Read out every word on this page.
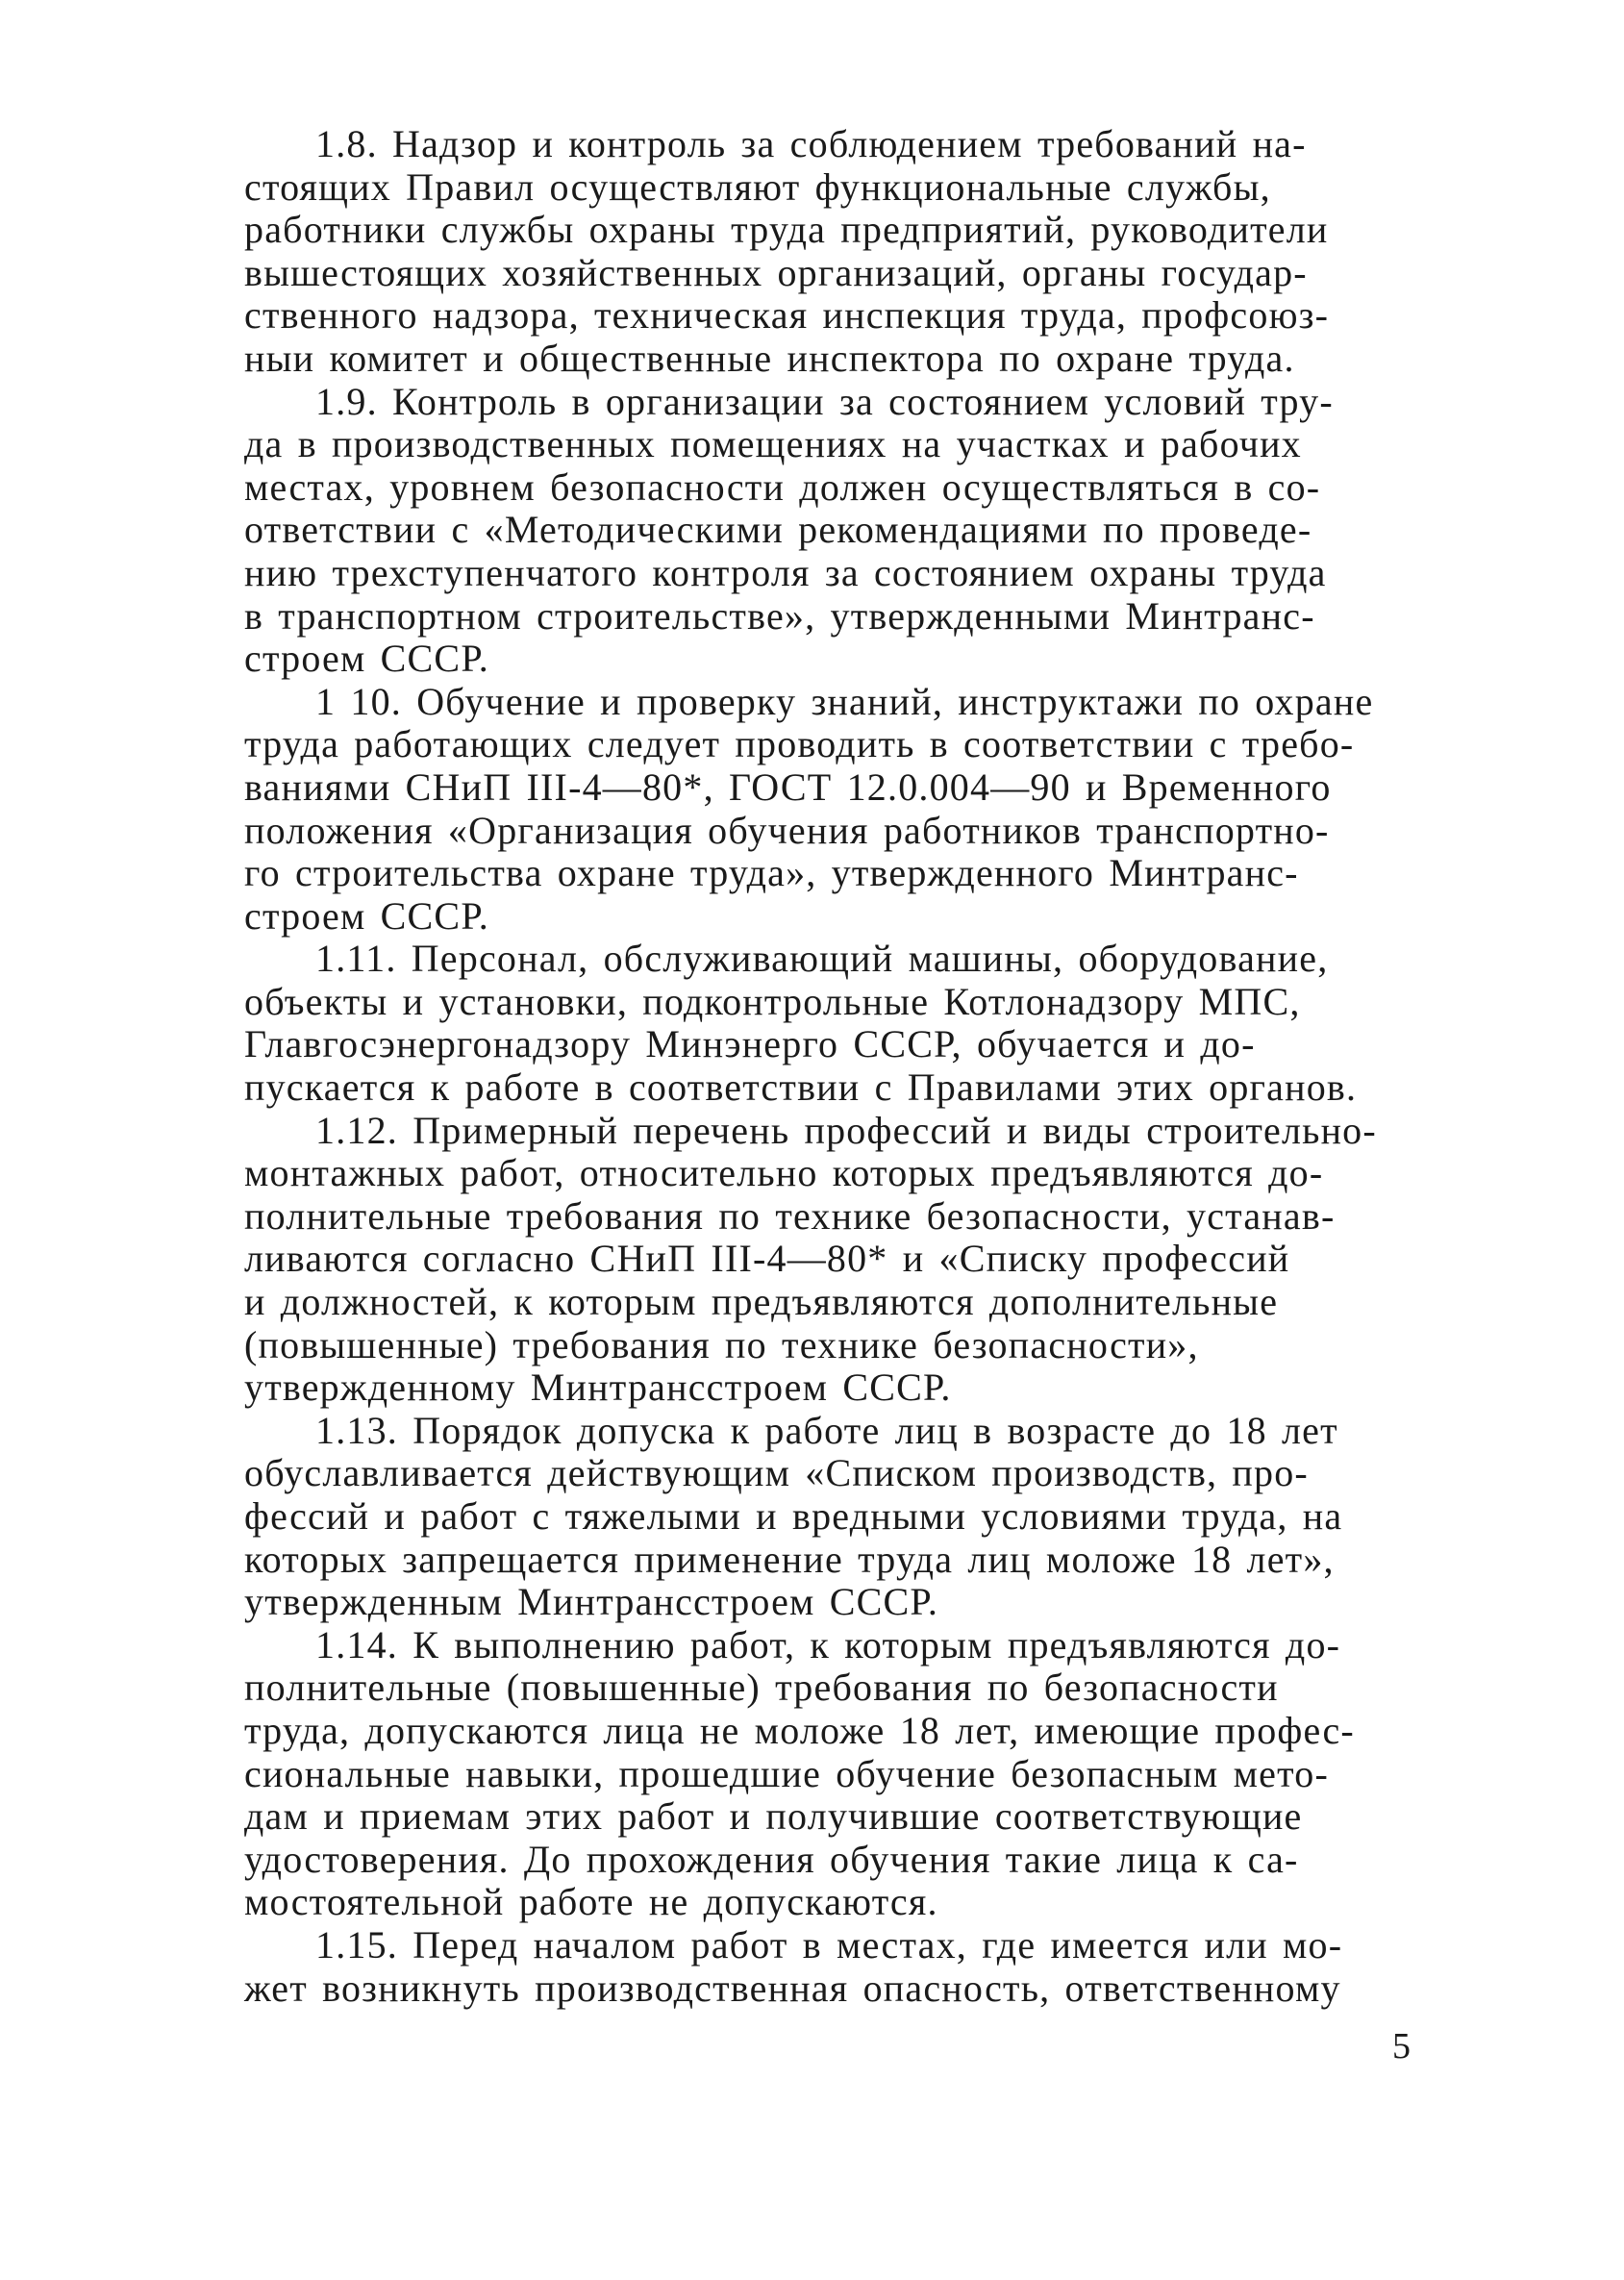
1.8. Надзор и контроль за соблюдением требований на-
стоящих Правил осуществляют функциональные службы,
работники службы охраны труда предприятий, руководители
вышестоящих хозяйственных организаций, органы государ-
ственного надзора, техническая инспекция труда, профсоюз-
ныи комитет и общественные инспектора по охране труда.

1.9. Контроль в организации за состоянием условий тру-
да в производственных помещениях на участках и рабочих
местах, уровнем безопасности должен осуществляться в со-
ответствии с «Методическими рекомендациями по проведе-
нию трехступенчатого контроля за состоянием охраны труда
в транспортном строительстве», утвержденными Минтранс-
строем СССР.

1 10. Обучение и проверку знаний, инструктажи по охране
труда работающих следует проводить в соответствии с требо-
ваниями СНиП III-4—80*, ГОСТ 12.0.004—90 и Временного
положения «Организация обучения работников транспортно-
го строительства охране труда», утвержденного Минтранс-
строем СССР.

1.11. Персонал, обслуживающий машины, оборудование,
объекты и установки, подконтрольные Котлонадзору МПС,
Главгосэнергонадзору Минэнерго СССР, обучается и до-
пускается к работе в соответствии с Правилами этих органов.

1.12. Примерный перечень профессий и виды строительно-
монтажных работ, относительно которых предъявляются до-
полнительные требования по технике безопасности, устанав-
ливаются согласно СНиП III-4—80* и «Списку профессий
и должностей, к которым предъявляются дополнительные
(повышенные) требования по технике безопасности»,
утвержденному Минтрансстроем СССР.

1.13. Порядок допуска к работе лиц в возрасте до 18 лет
обуславливается действующим «Списком производств, про-
фессий и работ с тяжелыми и вредными условиями труда, на
которых запрещается применение труда лиц моложе 18 лет»,
утвержденным Минтрансстроем СССР.

1.14. К выполнению работ, к которым предъявляются до-
полнительные (повышенные) требования по безопасности
труда, допускаются лица не моложе 18 лет, имеющие профес-
сиональные навыки, прошедшие обучение безопасным мето-
дам и приемам этих работ и получившие соответствующие
удостоверения. До прохождения обучения такие лица к са-
мостоятельной работе не допускаются.

1.15. Перед началом работ в местах, где имеется или мо-
жет возникнуть производственная опасность, ответственному

5
